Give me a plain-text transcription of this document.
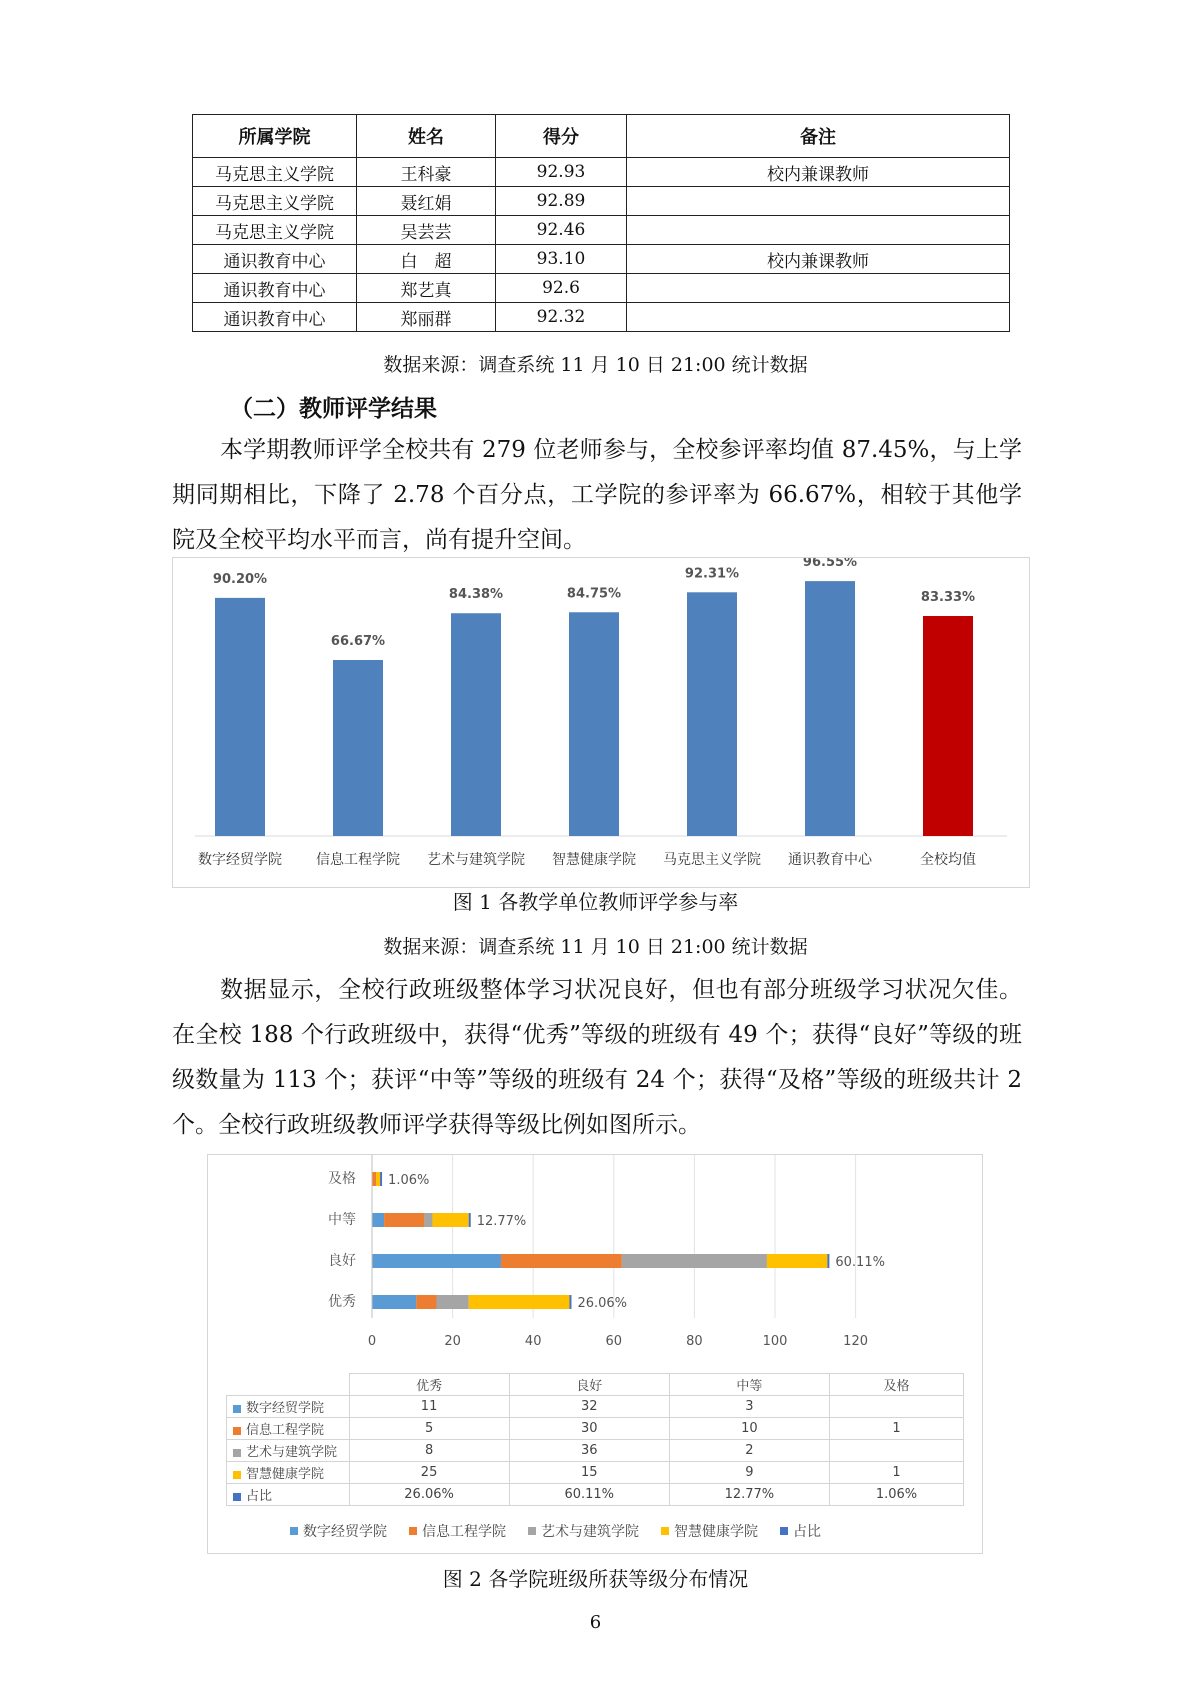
所属学院	姓名	得分	备注
马克思主义学院	王科豪	92.93	校内兼课教师
马克思主义学院	聂红娟	92.89	
马克思主义学院	吴芸芸	92.46	
通识教育中心	白　超	93.10	校内兼课教师
通识教育中心	郑艺真	92.6	
通识教育中心	郑丽群	92.32	
数据来源：调查系统 11 月 10 日 21:00 统计数据
（二）教师评学结果
本学期教师评学全校共有 279 位老师参与，全校参评率均值 87.45%，与上学期同期相比，下降了 2.78 个百分点，工学院的参评率为 66.67%，相较于其他学院及全校平均水平而言，尚有提升空间。
90.20%
数字经贸学院
66.67%
信息工程学院
84.38%
艺术与建筑学院
84.75%
智慧健康学院
92.31%
马克思主义学院
96.55%
通识教育中心
83.33%
全校均值
图 1 各教学单位教师评学参与率
数据来源：调查系统 11 月 10 日 21:00 统计数据
数据显示，全校行政班级整体学习状况良好，但也有部分班级学习状况欠佳。在全校 188 个行政班级中，获得“优秀”等级的班级有 49 个；获得“良好”等级的班级数量为 113 个；获评“中等”等级的班级有 24 个；获得“及格”等级的班级共计 2 个。全校行政班级教师评学获得等级比例如图所示。
0	20	40	60	80	100	120
优秀	26.06%
良好	60.11%
中等	12.77%
及格 1.06%
	优秀	良好	中等	及格
数字经贸学院	11	32	3	
信息工程学院	5	30	10	1
艺术与建筑学院	8	36	2	
智慧健康学院	25	15	9	1
占比	26.06%	60.11%	12.77%	1.06%
数字经贸学院	信息工程学院	艺术与建筑学院	智慧健康学院	占比
图 2 各学院班级所获等级分布情况
6
